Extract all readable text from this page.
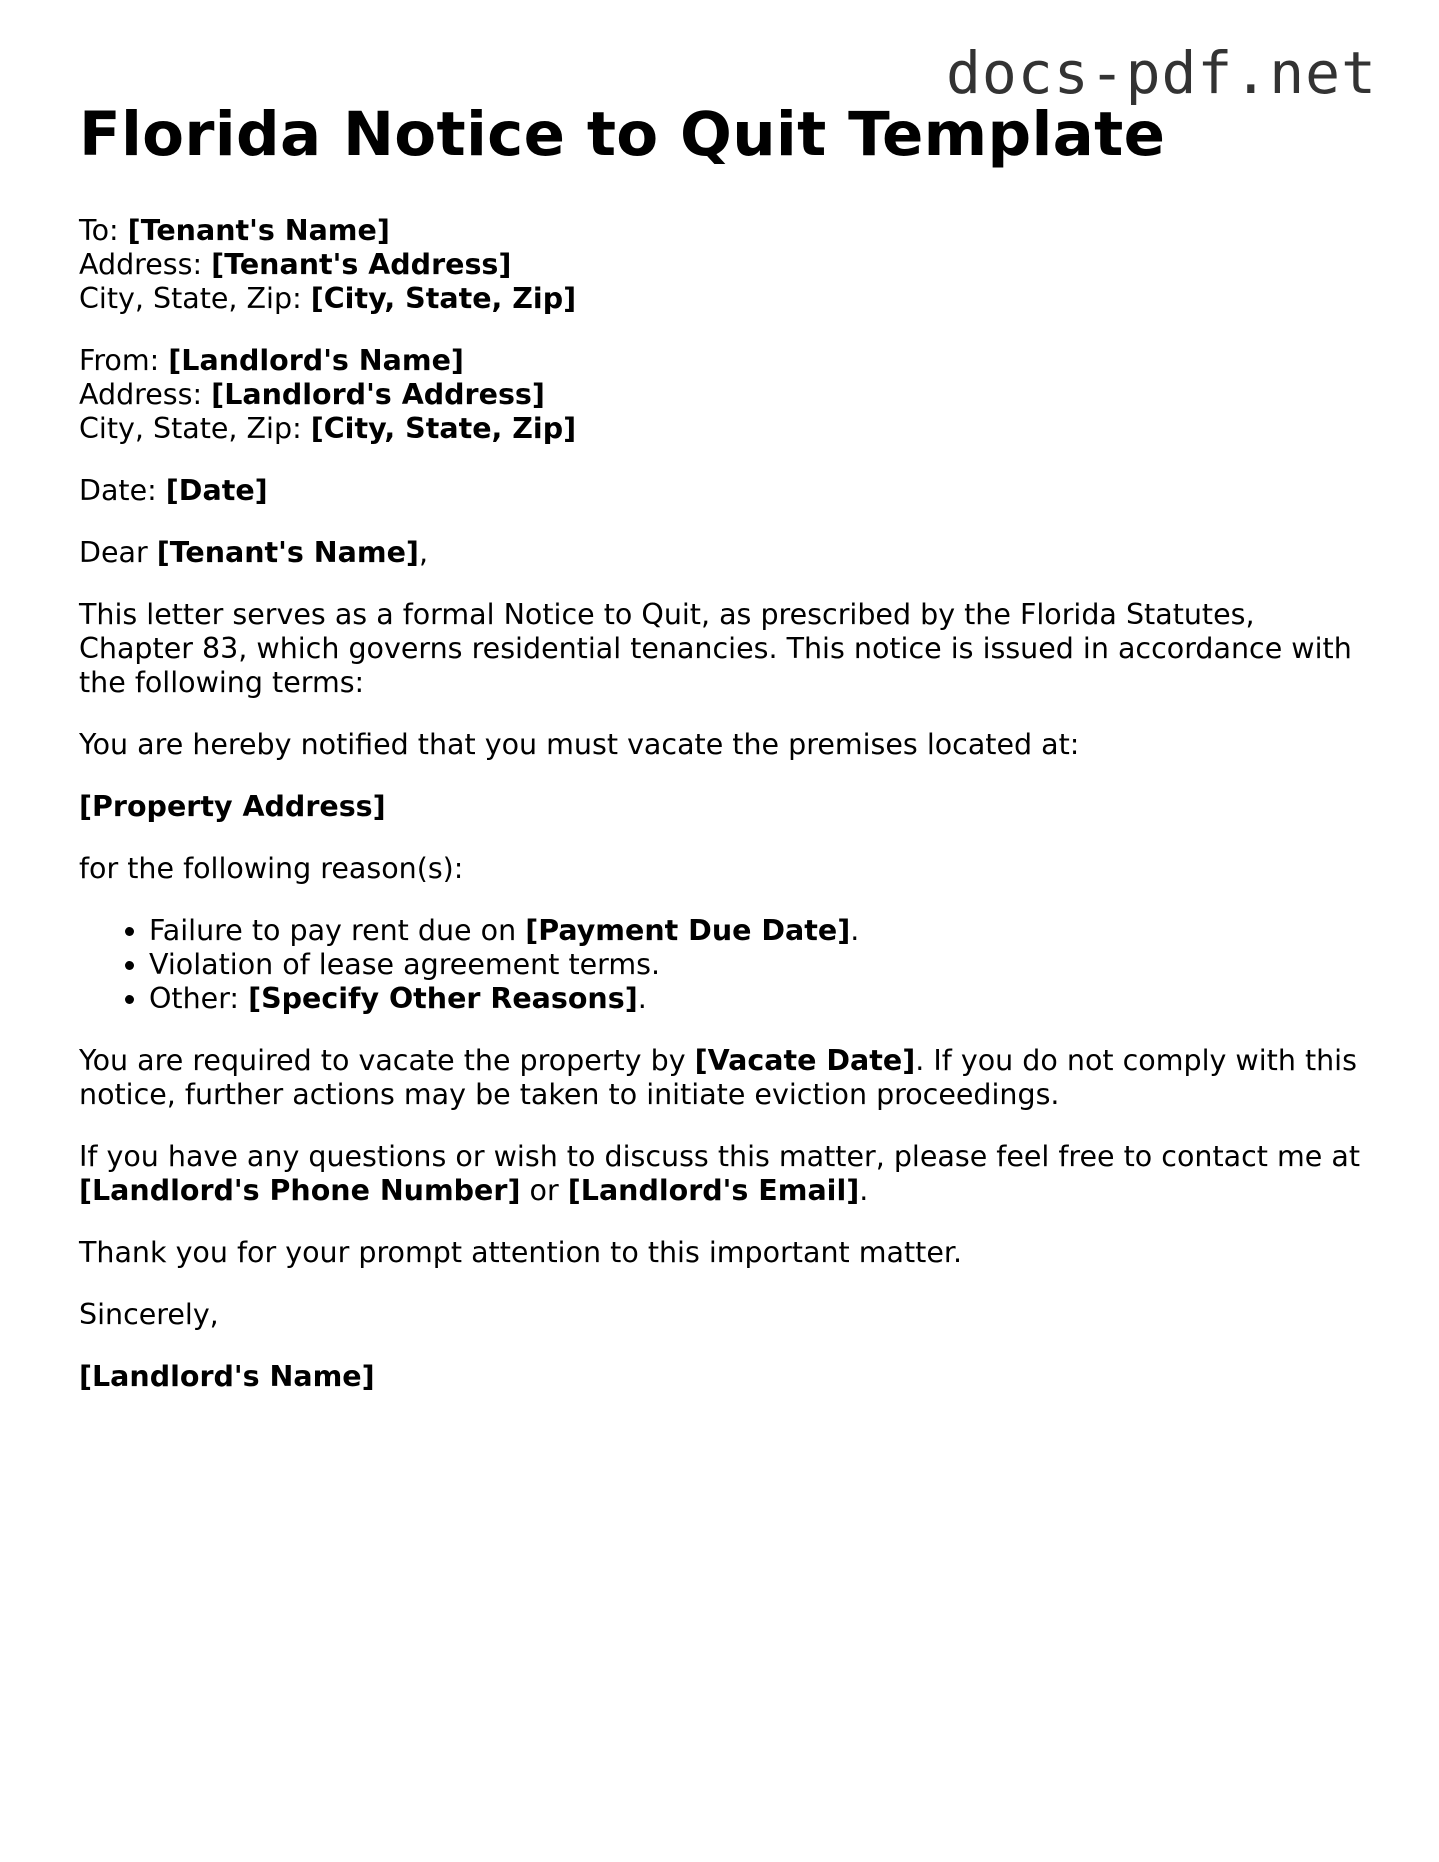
docs-pdf.net
Florida Notice to Quit Template
To: [Tenant's Name]
Address: [Tenant's Address]
City, State, Zip: [City, State, Zip]
From: [Landlord's Name]
Address: [Landlord's Address]
City, State, Zip: [City, State, Zip]

Date: [Date]

Dear [Tenant's Name],

This letter serves as a formal Notice to Quit, as prescribed by the Florida Statutes, Chapter 83, which governs residential tenancies. This notice is issued in accordance with the following terms:

You are hereby notified that you must vacate the premises located at:

[Property Address]

for the following reason(s):

• Failure to pay rent due on [Payment Due Date].
• Violation of lease agreement terms.
• Other: [Specify Other Reasons].

You are required to vacate the property by [Vacate Date]. If you do not comply with this notice, further actions may be taken to initiate eviction proceedings.

If you have any questions or wish to discuss this matter, please feel free to contact me at [Landlord's Phone Number] or [Landlord's Email].

Thank you for your prompt attention to this important matter.

Sincerely,

[Landlord's Name]
